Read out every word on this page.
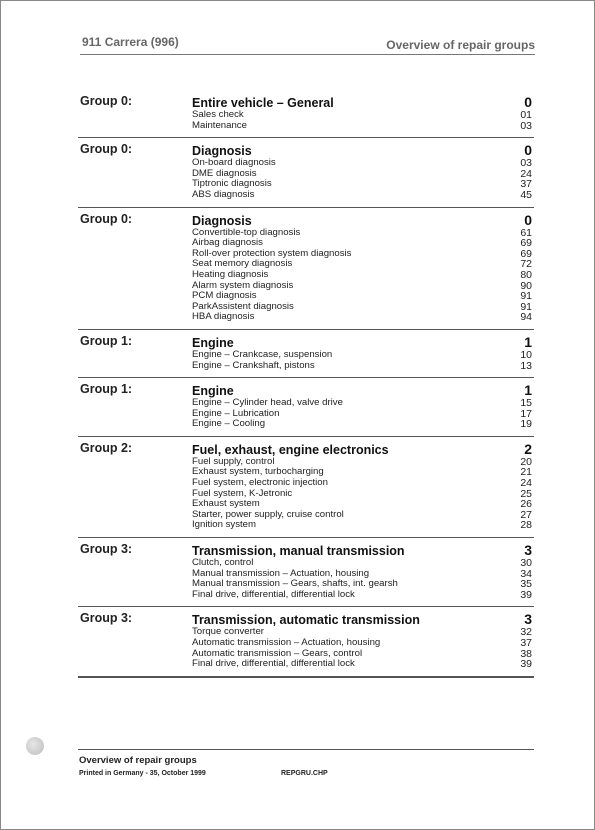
911 Carrera (996)	Overview of repair groups
Group 0:	Entire vehicle – General	0
Sales check	01
Maintenance	03
Group 0:	Diagnosis	0
On-board diagnosis	03
DME diagnosis	24
Tiptronic diagnosis	37
ABS diagnosis	45
Group 0:	Diagnosis	0
Convertible-top diagnosis	61
Airbag diagnosis	69
Roll-over protection system diagnosis	69
Seat memory diagnosis	72
Heating diagnosis	80
Alarm system diagnosis	90
PCM diagnosis	91
ParkAssistent diagnosis	91
HBA diagnosis	94
Group 1:	Engine	1
Engine – Crankcase, suspension	10
Engine – Crankshaft, pistons	13
Group 1:	Engine	1
Engine – Cylinder head, valve drive	15
Engine – Lubrication	17
Engine – Cooling	19
Group 2:	Fuel, exhaust, engine electronics	2
Fuel supply, control	20
Exhaust system, turbocharging	21
Fuel system, electronic injection	24
Fuel system, K-Jetronic	25
Exhaust system	26
Starter, power supply, cruise control	27
Ignition system	28
Group 3:	Transmission, manual transmission	3
Clutch, control	30
Manual transmission – Actuation, housing	34
Manual transmission – Gears, shafts, int. gearsh	35
Final drive, differential, differential lock	39
Group 3:	Transmission, automatic transmission	3
Torque converter	32
Automatic transmission – Actuation, housing	37
Automatic transmission – Gears, control	38
Final drive, differential, differential lock	39
Overview of repair groups
Printed in Germany - 35, October 1999	REPGRU.CHP
